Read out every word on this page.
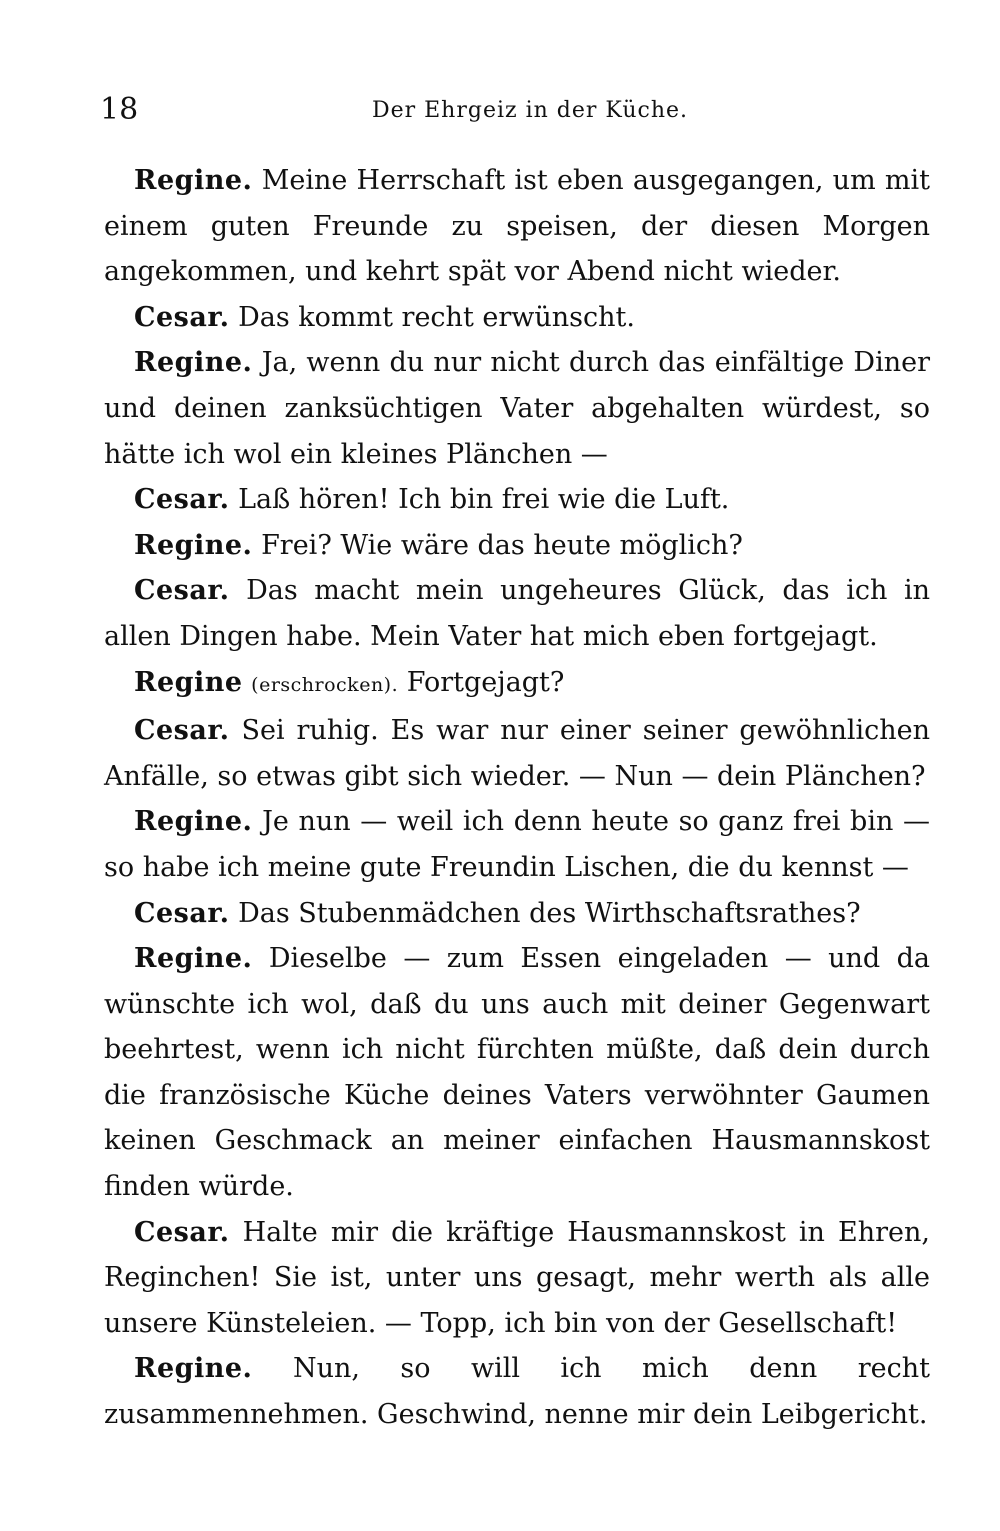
18	Der Ehrgeiz in der Küche.

Regine. Meine Herrschaft ist eben ausgegangen, um mit einem guten Freunde zu speisen, der diesen Morgen angekommen, und kehrt spät vor Abend nicht wieder.

Cesar. Das kommt recht erwünscht.

Regine. Ja, wenn du nur nicht durch das einfältige Diner und deinen zanksüchtigen Vater abgehalten würdest, so hätte ich wol ein kleines Plänchen —

Cesar. Laß hören! Ich bin frei wie die Luft.

Regine. Frei? Wie wäre das heute möglich?

Cesar. Das macht mein ungeheures Glück, das ich in allen Dingen habe. Mein Vater hat mich eben fortgejagt.

Regine (erschrocken). Fortgejagt?

Cesar. Sei ruhig. Es war nur einer seiner gewöhnlichen Anfälle, so etwas gibt sich wieder. — Nun — dein Plänchen?

Regine. Je nun — weil ich denn heute so ganz frei bin — so habe ich meine gute Freundin Lischen, die du kennst —

Cesar. Das Stubenmädchen des Wirthschaftsrathes?

Regine. Dieselbe — zum Essen eingeladen — und da wünschte ich wol, daß du uns auch mit deiner Gegenwart beehrtest, wenn ich nicht fürchten müßte, daß dein durch die französische Küche deines Vaters verwöhnter Gaumen keinen Geschmack an meiner einfachen Hausmannskost finden würde.

Cesar. Halte mir die kräftige Hausmannskost in Ehren, Reginchen! Sie ist, unter uns gesagt, mehr werth als alle unsere Künsteleien. — Topp, ich bin von der Gesellschaft!

Regine. Nun, so will ich mich denn recht zusammennehmen. Geschwind, nenne mir dein Leibgericht.
